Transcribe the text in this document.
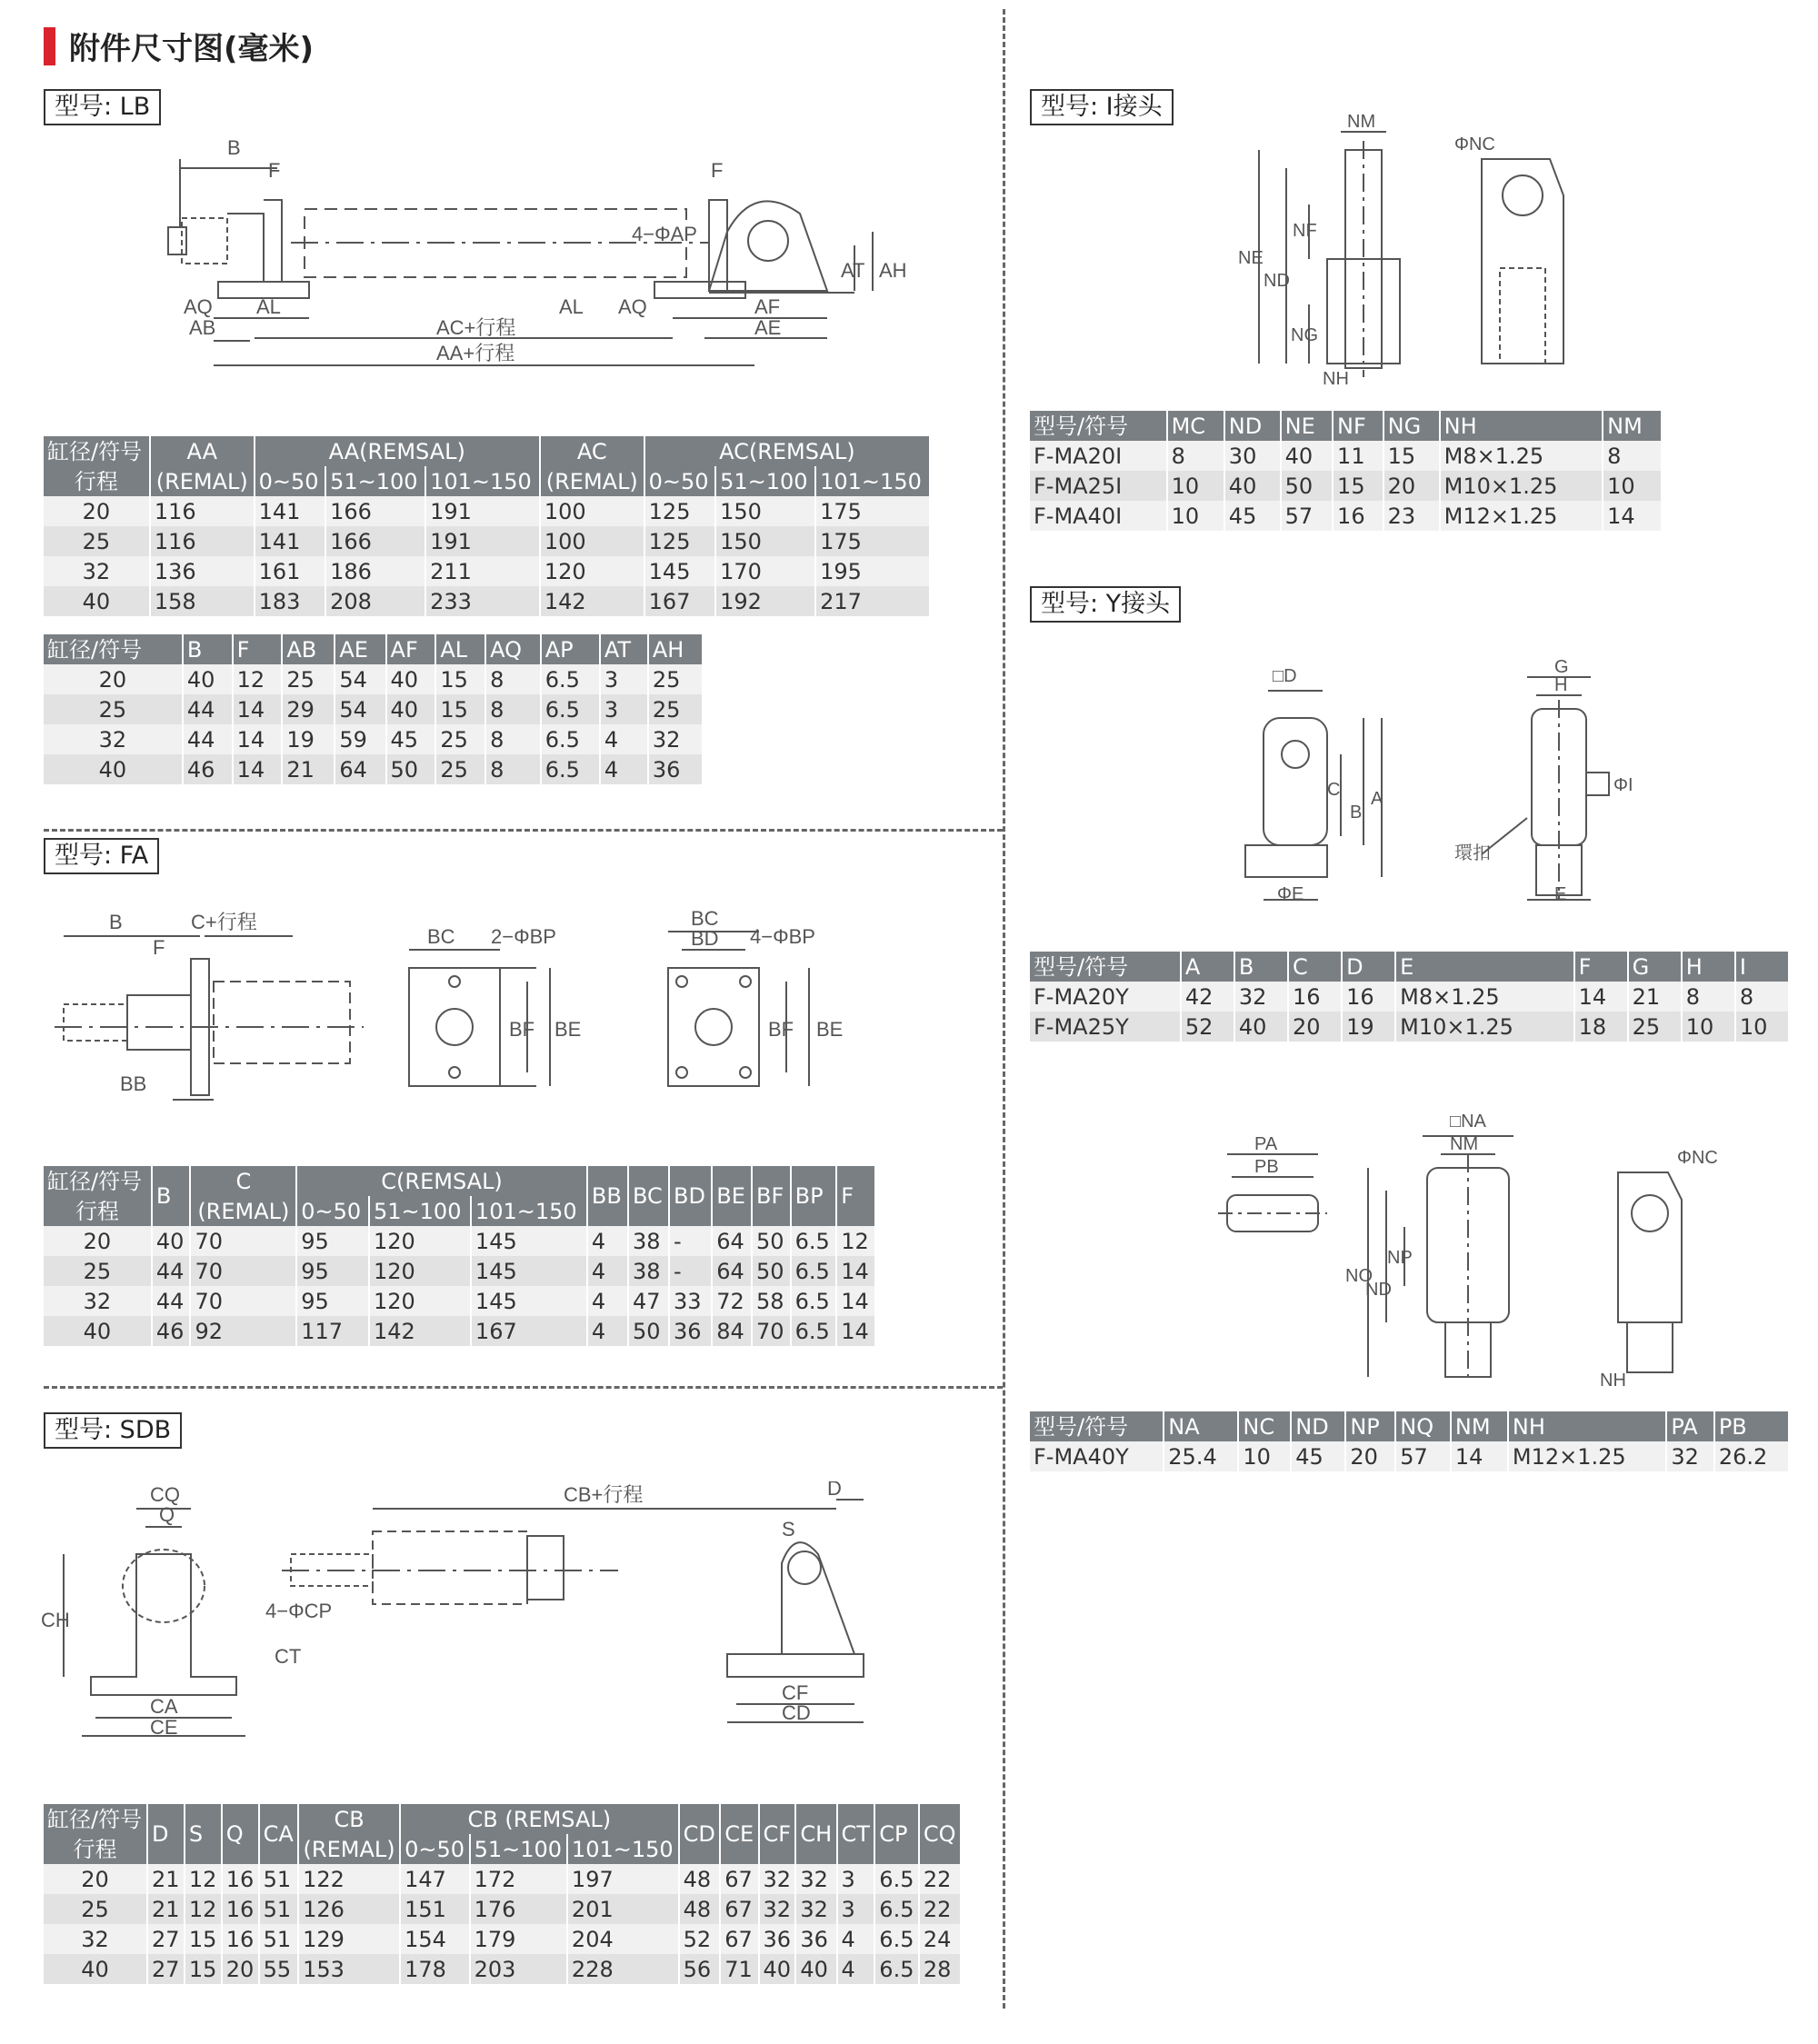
附件尺寸图(毫米)
型号: LB
B
F	F
4−ΦAP
AT AH
AQ AL
AB	AC+行程
AA+行程
AL AQ	AF
AE
缸径/符号	AA	AA(REMSAL)			AC	AC(REMSAL)		
行程	(REMAL)	0~50	51~100	101~150	(REMAL)	0~50	51~100	101~150
20	116	141	166	191	100	125	150	175
25	116	141	166	191	100	125	150	175
32	136	161	186	211	120	145	170	195
40	158	183	208	233	142	167	192	217
缸径/符号	B	F	AB	AE	AF	AL	AQ	AP	AT	AH
20	40	12	25	54	40	15	8	6.5	3	25
25	44	14	29	54	40	15	8	6.5	3	25
32	44	14	19	59	45	25	8	6.5	4	32
40	46	14	21	64	50	25	8	6.5	4	36
型号: FA
B	C+行程
F
BB
BC 2−ΦBP
BF BE
BC
BD 4−ΦBP
BF BE
缸径/符号	B	C	C(REMSAL)			BB	BC	BD	BE	BF	BP	F
行程		(REMAL)	0~50	51~100	101~150							
20	40	70	95	120	145	4	38	-	64	50	6.5	12
25	44	70	95	120	145	4	38	-	64	50	6.5	14
32	44	70	95	120	145	4	47	33	72	58	6.5	14
40	46	92	117	142	167	4	50	36	84	70	6.5	14
型号: SDB
CQ
Q
4−ΦCP
CH
CT
CA
CE
CB+行程	D
S
CF
CD
缸径/符号	D	S	Q	CA	CB	CB (REMSAL)			CD	CE	CF	CH	CT	CP	CQ
行程					(REMAL)	0~50	51~100	101~150							
20	21	12	16	51	122	147	172	197	48	67	32	32	3	6.5	22
25	21	12	16	51	126	151	176	201	48	67	32	32	3	6.5	22
32	27	15	16	51	129	154	179	204	52	67	36	36	4	6.5	24
40	27	15	20	55	153	178	203	228	56	71	40	40	4	6.5	28
型号: I接头
NM
ΦNC
NE
ND
NF
NG
NH
型号/符号	MC	ND	NE	NF	NG	NH	NM
F-MA20I	8	30	40	11	15	M8×1.25	8
F-MA25I	10	40	50	15	20	M10×1.25	10
F-MA40I	10	45	57	16	23	M12×1.25	14
型号: Y接头
□D
C
B
A
ΦE
G
H
ΦI
環扣
E
型号/符号	A	B	C	D	E	F	G	H	I
F-MA20Y	42	32	16	16	M8×1.25	14	21	8	8
F-MA25Y	52	40	20	19	M10×1.25	18	25	10	10
PA
PB
□NA
NM
NO
ND
NP
ΦNC
NH
型号/符号	NA	NC	ND	NP	NQ	NM	NH	PA	PB
F-MA40Y	25.4	10	45	20	57	14	M12×1.25	32	26.2
